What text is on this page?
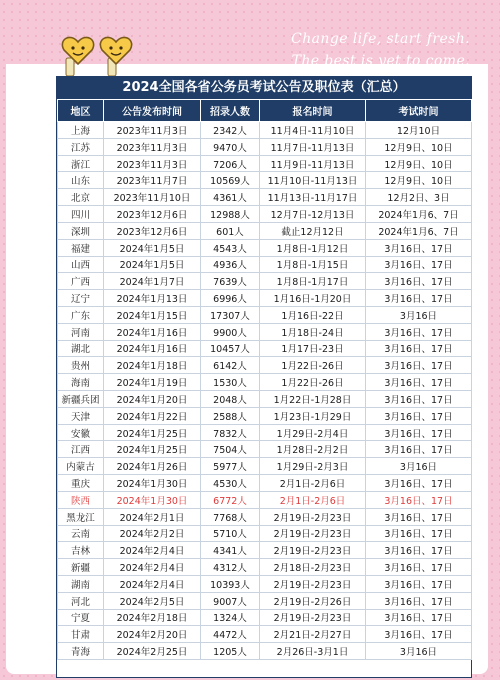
Change life, start fresh.
The best is yet to come.
2024全国各省公务员考试公告及职位表（汇总）
地区	公告发布时间	招录人数	报名时间	考试时间
上海	2023年11月3日	2342人	11月4日-11月10日	12月10日
江苏	2023年11月3日	9470人	11月7日-11月13日	12月9日、10日
浙江	2023年11月3日	7206人	11月9日-11月13日	12月9日、10日
山东	2023年11月7日	10569人	11月10日-11月13日	12月9日、10日
北京	2023年11月10日	4361人	11月13日-11月17日	12月2日、3日
四川	2023年12月6日	12988人	12月7日-12月13日	2024年1月6、7日
深圳	2023年12月6日	601人	截止12月12日	2024年1月6、7日
福建	2024年1月5日	4543人	1月8日-1月12日	3月16日、17日
山西	2024年1月5日	4936人	1月8日-1月15日	3月16日、17日
广西	2024年1月7日	7639人	1月8日-1月17日	3月16日、17日
辽宁	2024年1月13日	6996人	1月16日-1月20日	3月16日、17日
广东	2024年1月15日	17307人	1月16日-22日	3月16日
河南	2024年1月16日	9900人	1月18日-24日	3月16日、17日
湖北	2024年1月16日	10457人	1月17日-23日	3月16日、17日
贵州	2024年1月18日	6142人	1月22日-26日	3月16日、17日
海南	2024年1月19日	1530人	1月22日-26日	3月16日、17日
新疆兵团	2024年1月20日	2048人	1月22日-1月28日	3月16日、17日
天津	2024年1月22日	2588人	1月23日-1月29日	3月16日、17日
安徽	2024年1月25日	7832人	1月29日-2月4日	3月16日、17日
江西	2024年1月25日	7504人	1月28日-2月2日	3月16日、17日
内蒙古	2024年1月26日	5977人	1月29日-2月3日	3月16日
重庆	2024年1月30日	4530人	2月1日-2月6日	3月16日、17日
陕西	2024年1月30日	6772人	2月1日-2月6日	3月16日、17日
黑龙江	2024年2月1日	7768人	2月19日-2月23日	3月16日、17日
云南	2024年2月2日	5710人	2月19日-2月23日	3月16日、17日
吉林	2024年2月4日	4341人	2月19日-2月23日	3月16日、17日
新疆	2024年2月4日	4312人	2月18日-2月23日	3月16日、17日
湖南	2024年2月4日	10393人	2月19日-2月23日	3月16日、17日
河北	2024年2月5日	9007人	2月19日-2月26日	3月16日、17日
宁夏	2024年2月18日	1324人	2月19日-2月23日	3月16日、17日
甘肃	2024年2月20日	4472人	2月21日-2月27日	3月16日、17日
青海	2024年2月25日	1205人	2月26日-3月1日	3月16日
